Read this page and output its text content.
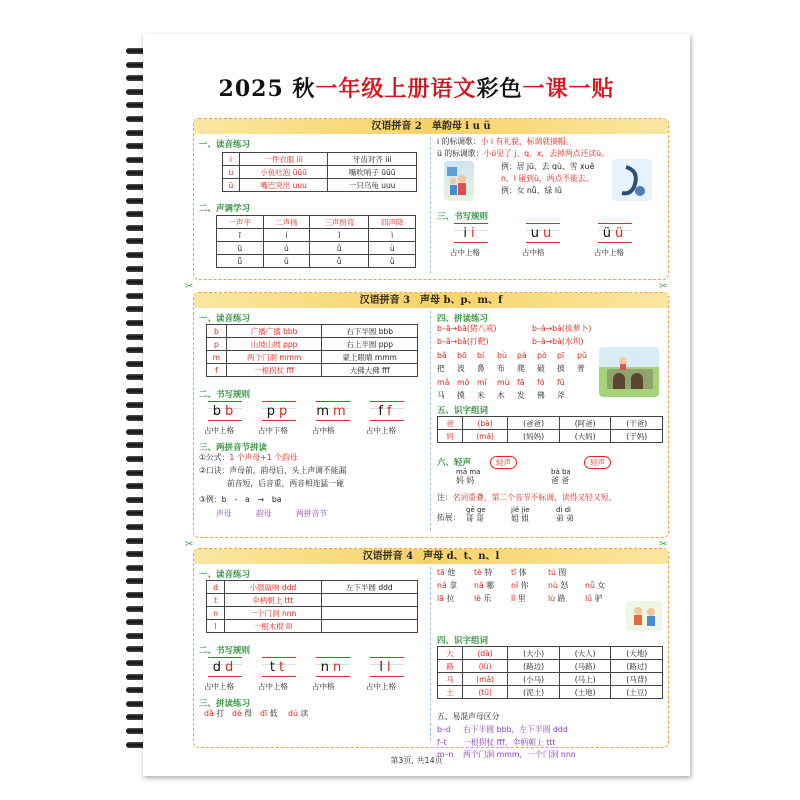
2025 秋一年级上册语文彩色一课一贴
汉语拼音 2　单韵母 i u ü
一、读音练习
i	一件衣服 iii	牙齿对齐 iii
u	小鱼吐泡 ūūū	嘴吹哨子 ūūū
ü	嘴巴突出 uuu	一只乌龟 uuu
二、声调学习
一声平	二声扬	三声拐弯	四声降
ī	í	ǐ	ì
ū	ú	ǔ	ù
ǖ	ǘ	ǚ	ǜ
i 的标调歌：小 i 有礼貌，标调就摘帽。
ü 的标调歌：小ü见了 j、q、x，去掉两点还读ü。
例：居 jū、去 qù、雪 xuě
n、l 碰到ü，两点不能去。
例：女 nǚ、绿 lǜ
三、书写规则
ii
占中上格
uu
占中格
üü
占中上格
汉语拼音 3　声母 b、p、m、f
一、读音练习
b	广播广播 bbb	右下半圆 bbb
p	山坡山坡 ppp	右上半圆 ppp
m	两个门洞 mmm	蒙上眼睛 mmm
f	一根拐杖 fff	大佛大佛 fff
二、书写规则
三、两拼音节拼读
①公式：1 个声母+1 个韵母
②口诀：声母前，韵母后，头上声调不能漏
前音短，后音重，两音相连猛一碰
③例：b　-　a　→　ba
声母	韵母	两拼音节
四、拼读练习
b–ā→bā(猪八戒)	b–á→bá(拔萝卜)
b–ǎ→bǎ(打靶)	b–à→bà(水坝)
bǎ bō bí bù pá pò pī pǔ
把 波 鼻 布 爬 破 披 普
mǎ mō mǐ mù fā fó fǔ
马 摸 米 木 发 佛 斧
五、识字组词
爸	(bà)	(爸爸)	(阿爸)	(干爸)
妈	(mā)	(妈妈)	(大妈)	(干妈)
六、轻声	轻声	轻声
注：名词重叠，第二个音节不标调，读得又轻又短。
拓展：
bb
占中上格
pp
占中下格
mm
占中格
ff
占中上格
mā ma
妈 妈
bà ba
爸 爸
gē ge
哥 哥
jiě jie
姐 姐
dì di
弟 弟
汉语拼音 4　声母 d、t、n、l
一、读音练习
d	小鼓敲响 ddd	左下半圆 ddd
t	伞柄朝上 ttt	
n	一个门洞 nnn	
l	一根木棍 lll	
二、书写规则
三、拼读练习
四、识字组词
大	(dà)	(大小)	(大人)	(大地)
路	(lù)	(路边)	(马路)	(路过)
马	(mǎ)	(小马)	(马上)	(马背)
土	(tǔ)	(泥土)	(土地)	(土豆)
五、易混声母区分
dd
占中上格
tt
占中上格
nn
占中格
ll
占中上格
dǎ 打 dé 得 dī 低 dú 读
tā 他 tè 特 tǐ 体	tú 图
ná 拿 nǎ 哪 nǐ 你	nù 怒 nǚ 女
lā 拉	lè 乐	lǐ 里	lù 路	lǘ 驴
b–d 右下半圆 bbb，左下半圆 ddd
f–t 一根拐杖 fff，伞柄朝上 ttt
m–n 两个门洞 mmm，一个门洞 nnn
✂	✂
✂	✂
第3页, 共14页
